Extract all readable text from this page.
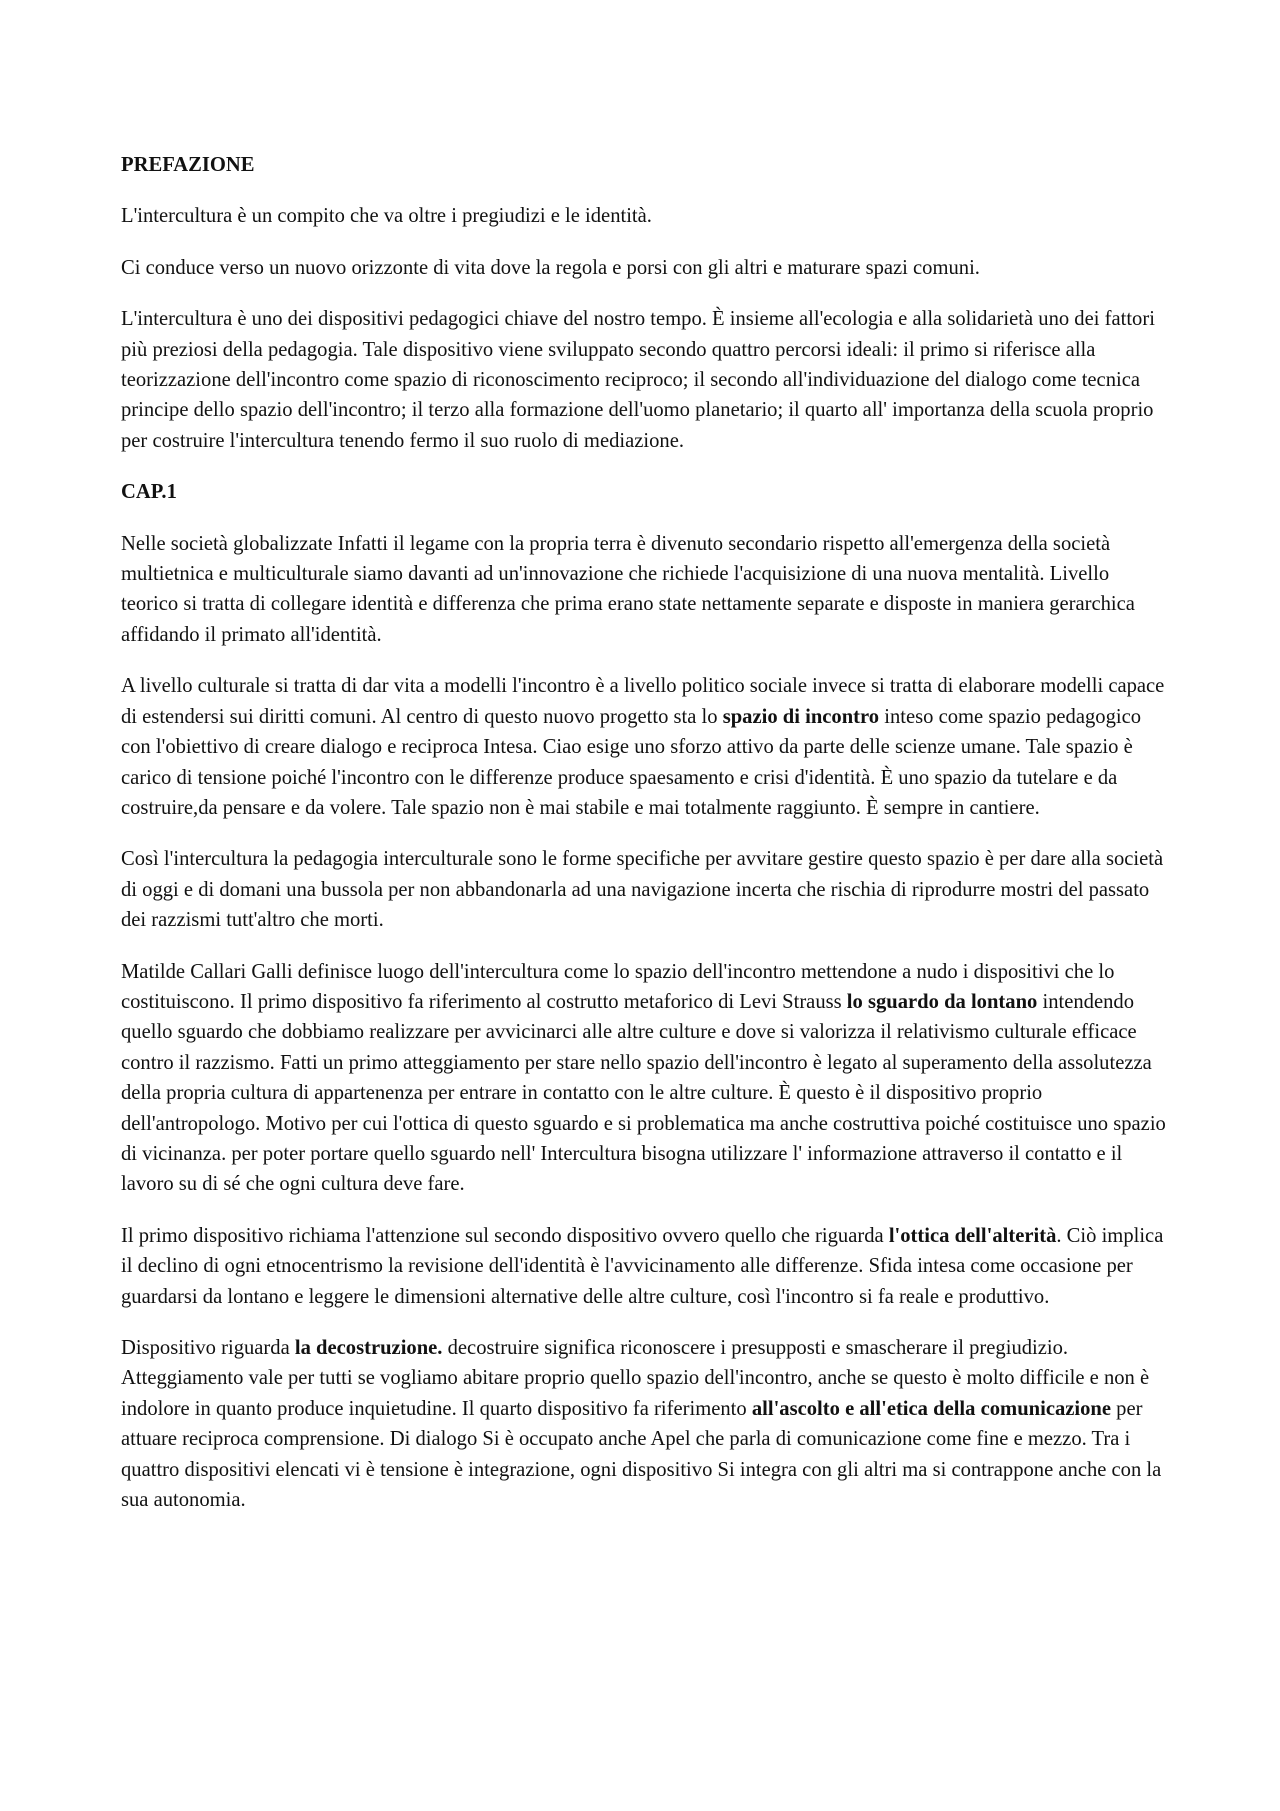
PREFAZIONE

L'intercultura è un compito che va oltre i pregiudizi e le identità.

Ci conduce verso un nuovo orizzonte di vita dove la regola e porsi con gli altri e maturare spazi comuni.

L'intercultura è uno dei dispositivi pedagogici chiave del nostro tempo. È insieme all'ecologia e alla solidarietà uno dei fattori più preziosi della pedagogia. Tale dispositivo viene sviluppato secondo quattro percorsi ideali: il primo si riferisce alla teorizzazione dell'incontro come spazio di riconoscimento reciproco; il secondo all'individuazione del dialogo come tecnica principe dello spazio dell'incontro; il terzo alla formazione dell'uomo planetario; il quarto all' importanza della scuola proprio per costruire l'intercultura tenendo fermo il suo ruolo di mediazione.

CAP.1

Nelle società globalizzate Infatti il legame con la propria terra è divenuto secondario rispetto all'emergenza della società multietnica e multiculturale siamo davanti ad un'innovazione che richiede l'acquisizione di una nuova mentalità. Livello teorico si tratta di collegare identità e differenza che prima erano state nettamente separate e disposte in maniera gerarchica affidando il primato all'identità.

A livello culturale si tratta di dar vita a modelli l'incontro è a livello politico sociale invece si tratta di elaborare modelli capace di estendersi sui diritti comuni. Al centro di questo nuovo progetto sta lo spazio di incontro inteso come spazio pedagogico con l'obiettivo di creare dialogo e reciproca Intesa. Ciao esige uno sforzo attivo da parte delle scienze umane. Tale spazio è carico di tensione poiché l'incontro con le differenze produce spaesamento e crisi d'identità. È uno spazio da tutelare e da costruire,da pensare e da volere. Tale spazio non è mai stabile e mai totalmente raggiunto. È sempre in cantiere.

Così l'intercultura la pedagogia interculturale sono le forme specifiche per avvitare gestire questo spazio è per dare alla società di oggi e di domani una bussola per non abbandonarla ad una navigazione incerta che rischia di riprodurre mostri del passato dei razzismi tutt'altro che morti.

Matilde Callari Galli definisce luogo dell'intercultura come lo spazio dell'incontro mettendone a nudo i dispositivi che lo costituiscono. Il primo dispositivo fa riferimento al costrutto metaforico di Levi Strauss lo sguardo da lontano intendendo quello sguardo che dobbiamo realizzare per avvicinarci alle altre culture e dove si valorizza il relativismo culturale efficace contro il razzismo. Fatti un primo atteggiamento per stare nello spazio dell'incontro è legato al superamento della assolutezza della propria cultura di appartenenza per entrare in contatto con le altre culture. È questo è il dispositivo proprio dell'antropologo. Motivo per cui l'ottica di questo sguardo e si problematica ma anche costruttiva poiché costituisce uno spazio di vicinanza. per poter portare quello sguardo nell' Intercultura bisogna utilizzare l' informazione attraverso il contatto e il lavoro su di sé che ogni cultura deve fare.

Il primo dispositivo richiama l'attenzione sul secondo dispositivo ovvero quello che riguarda l'ottica dell'alterità. Ciò implica il declino di ogni etnocentrismo la revisione dell'identità è l'avvicinamento alle differenze. Sfida intesa come occasione per guardarsi da lontano e leggere le dimensioni alternative delle altre culture, così l'incontro si fa reale e produttivo.

Dispositivo riguarda la decostruzione. decostruire significa riconoscere i presupposti e smascherare il pregiudizio. Atteggiamento vale per tutti se vogliamo abitare proprio quello spazio dell'incontro, anche se questo è molto difficile e non è indolore in quanto produce inquietudine. Il quarto dispositivo fa riferimento all'ascolto e all'etica della comunicazione per attuare reciproca comprensione. Di dialogo Si è occupato anche Apel che parla di comunicazione come fine e mezzo. Tra i quattro dispositivi elencati vi è tensione è integrazione, ogni dispositivo Si integra con gli altri ma si contrappone anche con la sua autonomia.
